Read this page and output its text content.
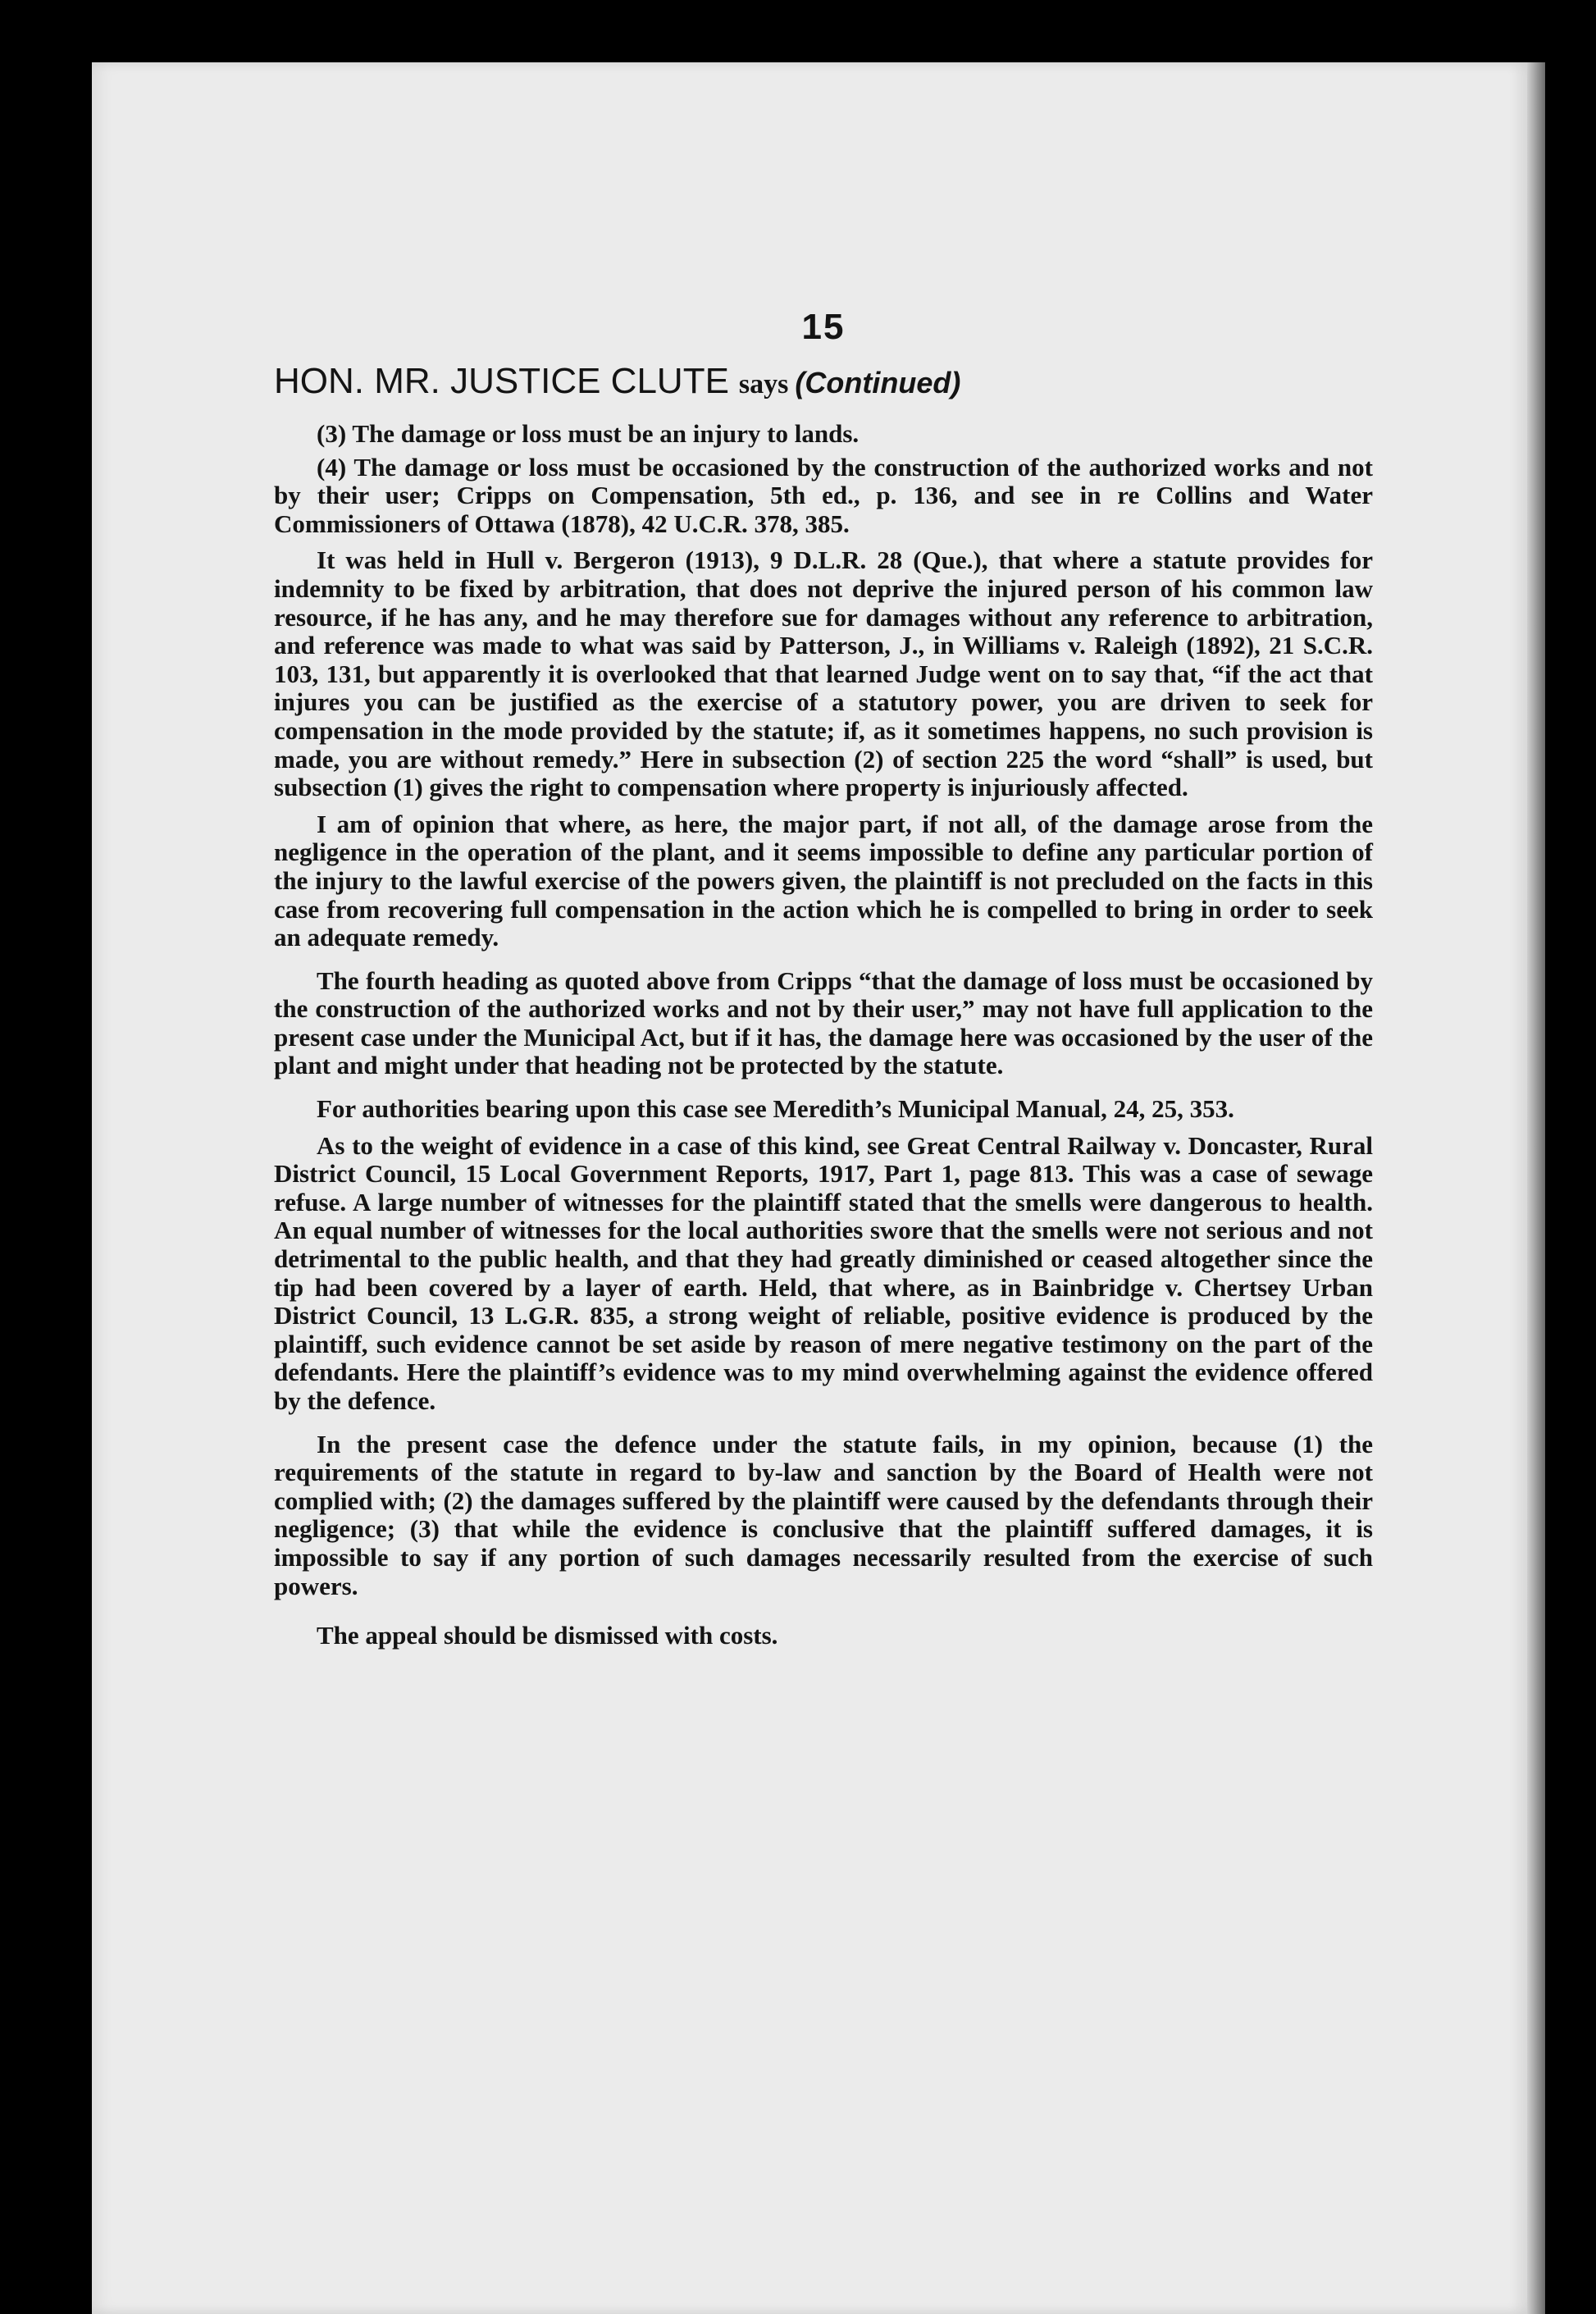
15
HON. MR. JUSTICE CLUTE says (Continued)

(3) The damage or loss must be an injury to lands.

(4) The damage or loss must be occasioned by the construction of the authorized works and not by their user; Cripps on Compensation, 5th ed., p. 136, and see in re Collins and Water Commissioners of Ottawa (1878), 42 U.C.R. 378, 385.

It was held in Hull v. Bergeron (1913), 9 D.L.R. 28 (Que.), that where a statute provides for indemnity to be fixed by arbitration, that does not deprive the injured person of his common law resource, if he has any, and he may therefore sue for damages without any reference to arbitration, and reference was made to what was said by Patterson, J., in Williams v. Raleigh (1892), 21 S.C.R. 103, 131, but apparently it is overlooked that that learned Judge went on to say that, “if the act that injures you can be justified as the exercise of a statutory power, you are driven to seek for compensation in the mode provided by the statute; if, as it sometimes happens, no such provision is made, you are without remedy.” Here in subsection (2) of section 225 the word “shall” is used, but subsection (1) gives the right to compensation where property is injuriously affected.

I am of opinion that where, as here, the major part, if not all, of the damage arose from the negligence in the operation of the plant, and it seems impossible to define any particular portion of the injury to the lawful exercise of the powers given, the plaintiff is not precluded on the facts in this case from recovering full compensation in the action which he is compelled to bring in order to seek an adequate remedy.

The fourth heading as quoted above from Cripps “that the damage of loss must be occasioned by the construction of the authorized works and not by their user,” may not have full application to the present case under the Municipal Act, but if it has, the damage here was occasioned by the user of the plant and might under that heading not be protected by the statute.

For authorities bearing upon this case see Meredith’s Municipal Manual, 24, 25, 353.

As to the weight of evidence in a case of this kind, see Great Central Railway v. Doncaster, Rural District Council, 15 Local Government Reports, 1917, Part 1, page 813. This was a case of sewage refuse. A large number of witnesses for the plaintiff stated that the smells were dangerous to health. An equal number of witnesses for the local authorities swore that the smells were not serious and not detrimental to the public health, and that they had greatly diminished or ceased altogether since the tip had been covered by a layer of earth. Held, that where, as in Bainbridge v. Chertsey Urban District Council, 13 L.G.R. 835, a strong weight of reliable, positive evidence is produced by the plaintiff, such evidence cannot be set aside by reason of mere negative testimony on the part of the defendants. Here the plaintiff’s evidence was to my mind overwhelming against the evidence offered by the defence.

In the present case the defence under the statute fails, in my opinion, because (1) the requirements of the statute in regard to by-law and sanction by the Board of Health were not complied with; (2) the damages suffered by the plaintiff were caused by the defendants through their negligence; (3) that while the evidence is conclusive that the plaintiff suffered damages, it is impossible to say if any portion of such damages necessarily resulted from the exercise of such powers.

The appeal should be dismissed with costs.
